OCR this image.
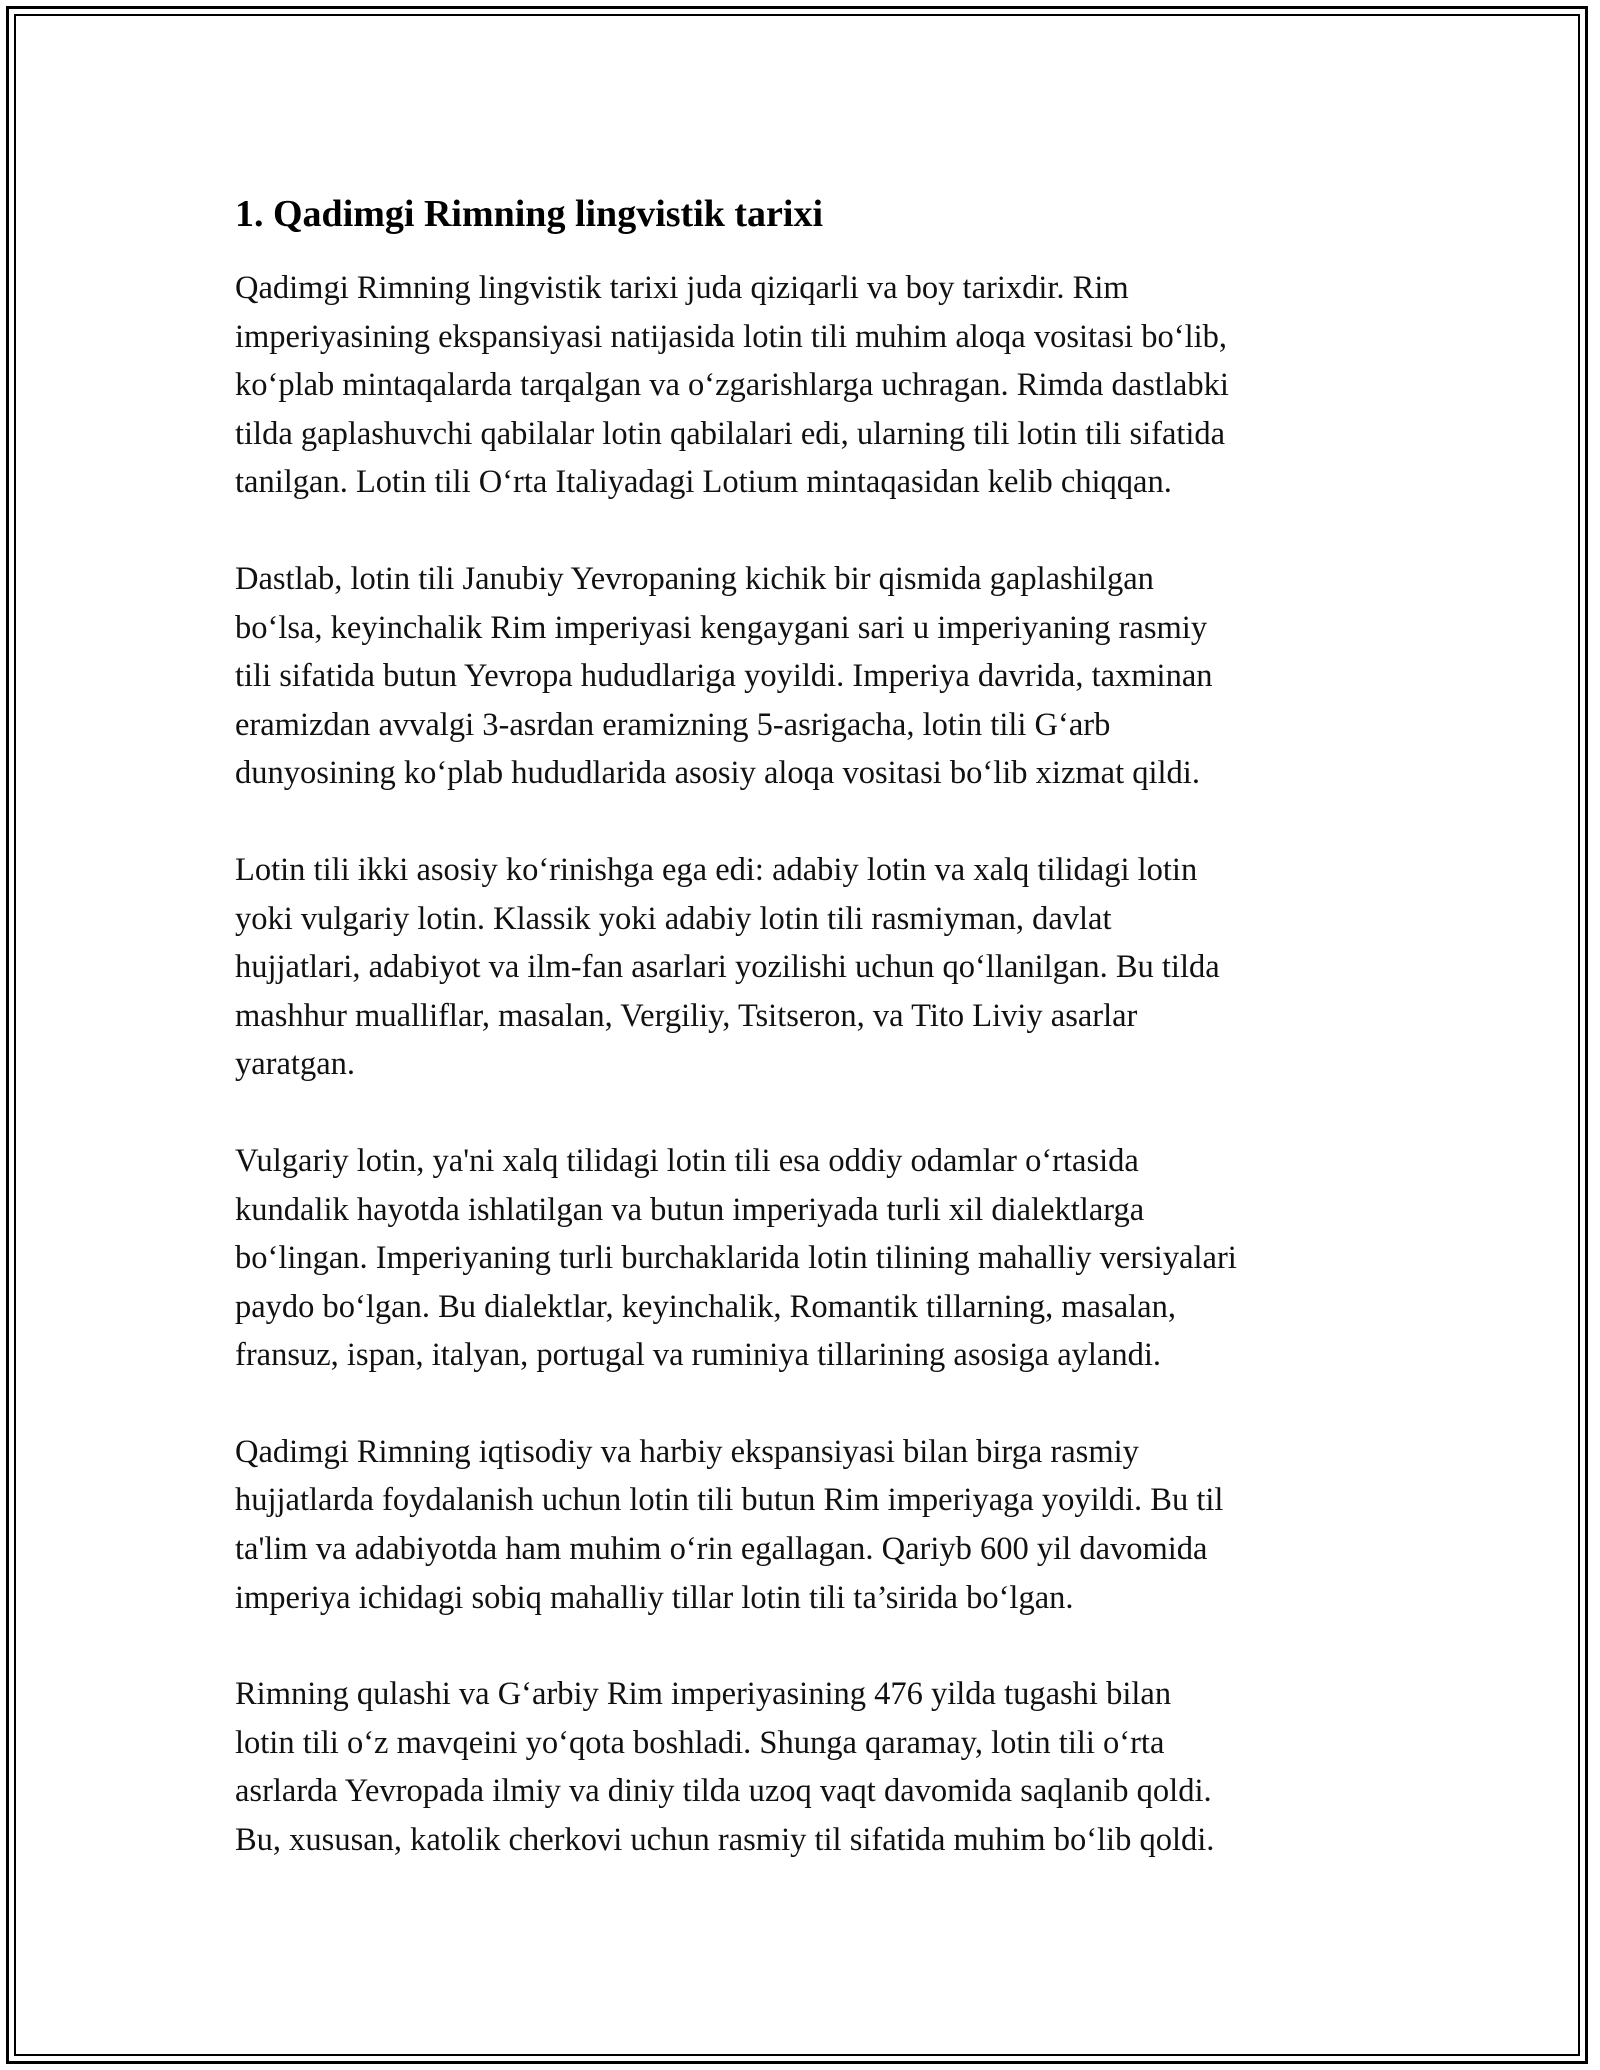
1. Qadimgi Rimning lingvistik tarixi

Qadimgi Rimning lingvistik tarixi juda qiziqarli va boy tarixdir. Rim
imperiyasining ekspansiyasi natijasida lotin tili muhim aloqa vositasi bo‘lib,
ko‘plab mintaqalarda tarqalgan va o‘zgarishlarga uchragan. Rimda dastlabki
tilda gaplashuvchi qabilalar lotin qabilalari edi, ularning tili lotin tili sifatida
tanilgan. Lotin tili O‘rta Italiyadagi Lotium mintaqasidan kelib chiqqan.

Dastlab, lotin tili Janubiy Yevropaning kichik bir qismida gaplashilgan
bo‘lsa, keyinchalik Rim imperiyasi kengaygani sari u imperiyaning rasmiy
tili sifatida butun Yevropa hududlariga yoyildi. Imperiya davrida, taxminan
eramizdan avvalgi 3-asrdan eramizning 5-asrigacha, lotin tili G‘arb
dunyosining ko‘plab hududlarida asosiy aloqa vositasi bo‘lib xizmat qildi.

Lotin tili ikki asosiy ko‘rinishga ega edi: adabiy lotin va xalq tilidagi lotin
yoki vulgariy lotin. Klassik yoki adabiy lotin tili rasmiyman, davlat
hujjatlari, adabiyot va ilm-fan asarlari yozilishi uchun qo‘llanilgan. Bu tilda
mashhur mualliflar, masalan, Vergiliy, Tsitseron, va Tito Liviy asarlar
yaratgan.

Vulgariy lotin, ya'ni xalq tilidagi lotin tili esa oddiy odamlar o‘rtasida
kundalik hayotda ishlatilgan va butun imperiyada turli xil dialektlarga
bo‘lingan. Imperiyaning turli burchaklarida lotin tilining mahalliy versiyalari
paydo bo‘lgan. Bu dialektlar, keyinchalik, Romantik tillarning, masalan,
fransuz, ispan, italyan, portugal va ruminiya tillarining asosiga aylandi.

Qadimgi Rimning iqtisodiy va harbiy ekspansiyasi bilan birga rasmiy
hujjatlarda foydalanish uchun lotin tili butun Rim imperiyaga yoyildi. Bu til
ta'lim va adabiyotda ham muhim o‘rin egallagan. Qariyb 600 yil davomida
imperiya ichidagi sobiq mahalliy tillar lotin tili ta’sirida bo‘lgan.

Rimning qulashi va G‘arbiy Rim imperiyasining 476 yilda tugashi bilan
lotin tili o‘z mavqeini yo‘qota boshladi. Shunga qaramay, lotin tili o‘rta
asrlarda Yevropada ilmiy va diniy tilda uzoq vaqt davomida saqlanib qoldi.
Bu, xususan, katolik cherkovi uchun rasmiy til sifatida muhim bo‘lib qoldi.
